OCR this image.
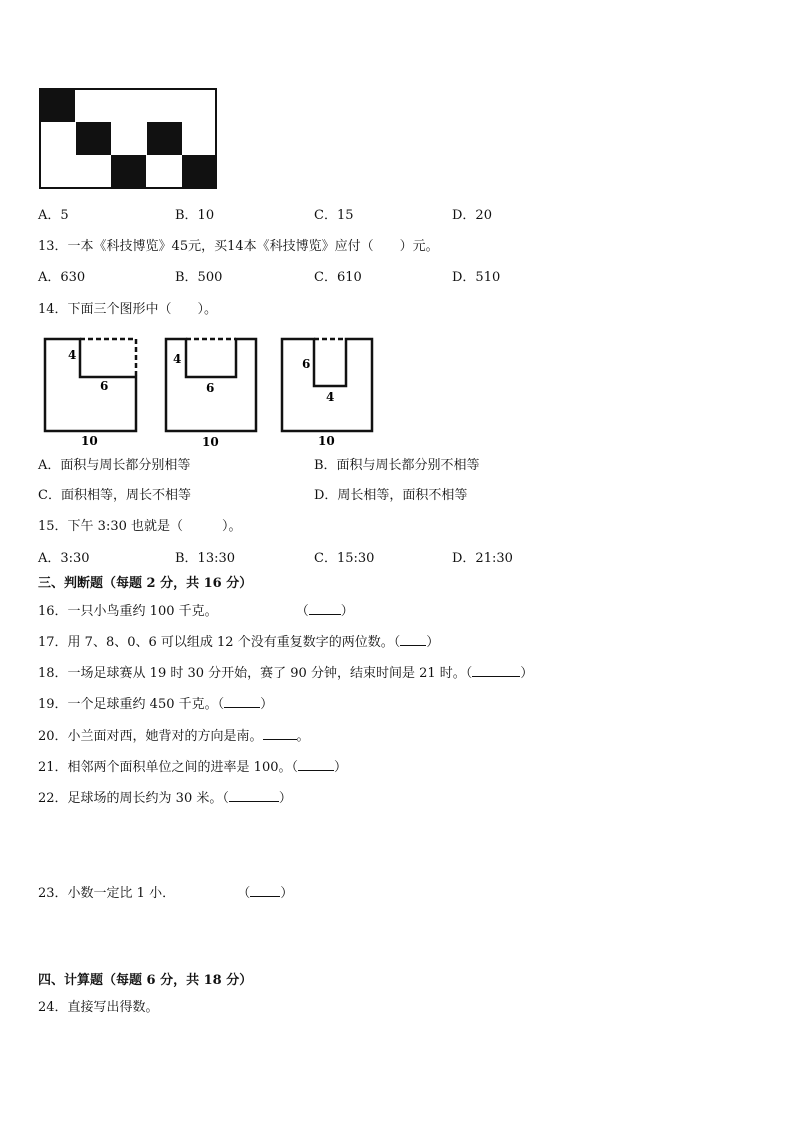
A．5	B．10	C．15	D．20
13．一本《科技博览》45元，买14本《科技博览》应付（　　）元。
A．630	B．500	C．610	D．510
14．下面三个图形中（　　）。
4
6
10
4
6
10
6
4
10
A．面积与周长都分别相等	B．面积与周长都分别不相等
C．面积相等，周长不相等	D．周长相等，面积不相等
15．下午 3:30 也就是（　　　）。
A．3:30	B．13:30	C．15:30	D．21:30
三、判断题（每题 2 分，共 16 分）
16．一只小鸟重约 100 千克。	（ ）
17．用 7、8、0、6 可以组成 12 个没有重复数字的两位数。（ ）
18．一场足球赛从 19 时 30 分开始，赛了 90 分钟，结束时间是 21 时。（	）
19．一个足球重约 450 千克。（	）
20．小兰面对西，她背对的方向是南。	。
21．相邻两个面积单位之间的进率是 100。（	）
22．足球场的周长约为 30 米。（	）
23．小数一定比 1 小．	（ ）
四、计算题（每题 6 分，共 18 分）
24．直接写出得数。
